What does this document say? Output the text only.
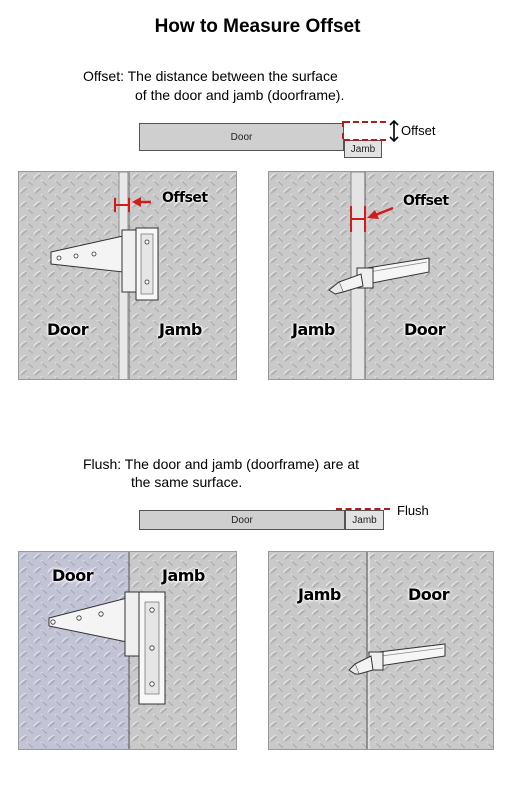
How to Measure Offset
Offset: The distance between the surface
of the door and jamb (doorframe).
Door
Jamb
Offset
Offset
Door	Jamb
Offset
Jamb	Door
Flush: The door and jamb (doorframe) are at
the same surface.
Door	Jamb
Flush
Door	Jamb
Jamb	Door
